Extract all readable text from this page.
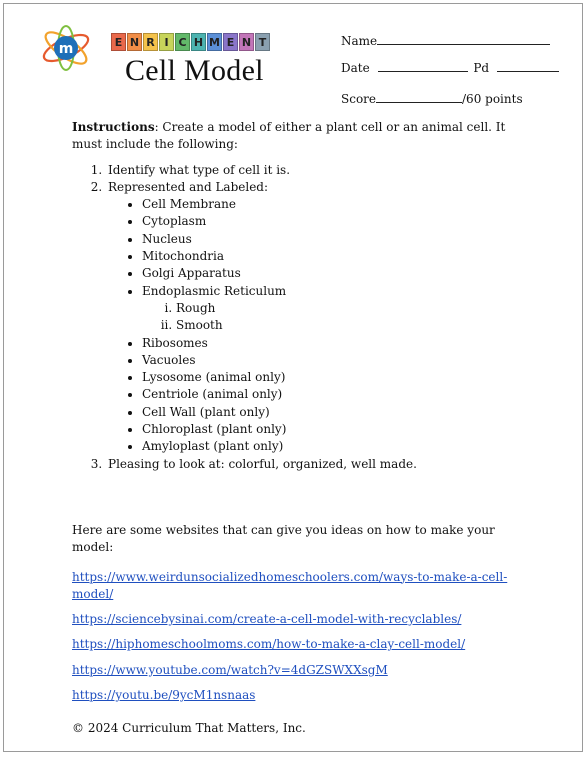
m	E N R I C H M E N T
Cell Model
Name
Date	Pd
Score	/60 points

Instructions: Create a model of either a plant cell or an animal cell. It must include the following:

1. Identify what type of cell it is.
2. Represented and Labeled:
• Cell Membrane
• Cytoplasm
• Nucleus
• Mitochondria
• Golgi Apparatus
• Endoplasmic Reticulum
i. Rough
ii. Smooth
• Ribosomes
• Vacuoles
• Lysosome (animal only)
• Centriole (animal only)
• Cell Wall (plant only)
• Chloroplast (plant only)
• Amyloplast (plant only)
3. Pleasing to look at: colorful, organized, well made.

Here are some websites that can give you ideas on how to make your model:

https://www.weirdunsocializedhomeschoolers.com/ways-to-make-a-cell-model/
https://sciencebysinai.com/create-a-cell-model-with-recyclables/
https://hiphomeschoolmoms.com/how-to-make-a-clay-cell-model/
https://www.youtube.com/watch?v=4dGZSWXXsgM
https://youtu.be/9ycM1nsnaas
© 2024 Curriculum That Matters, Inc.
